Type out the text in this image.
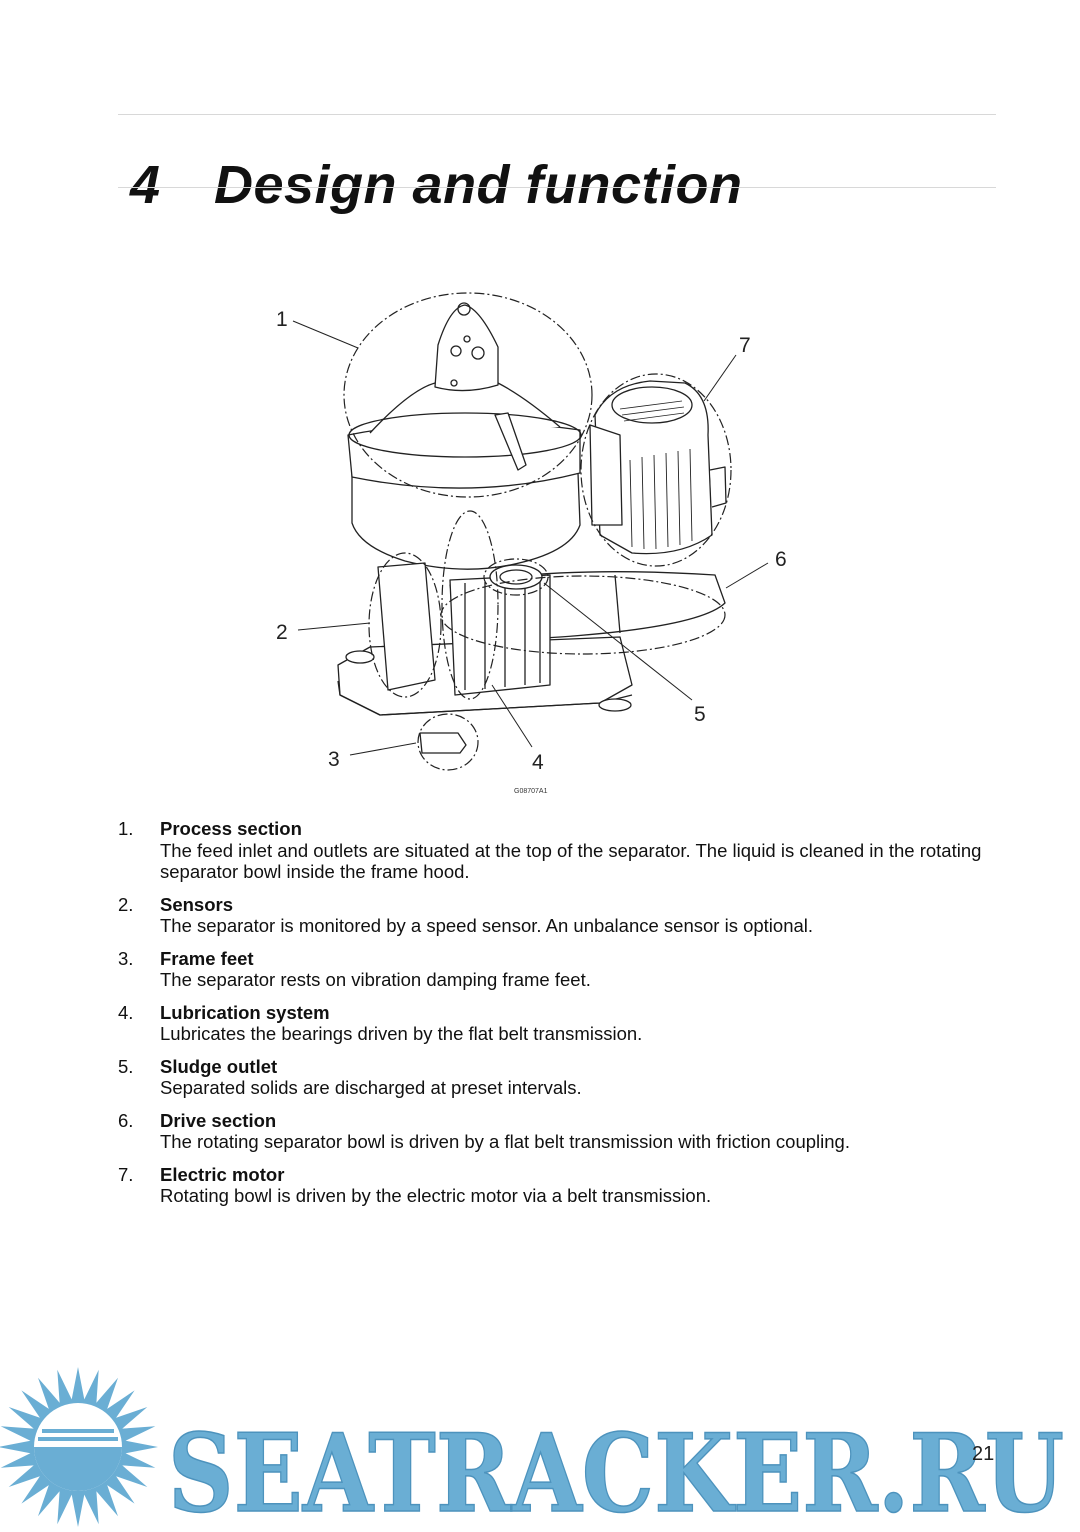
4 Design and function
1
2
3	4
5
6
7
G08707A1
1. Process section
The feed inlet and outlets are situated at the top of the separator. The liquid is cleaned in the rotating separator bowl inside the frame hood.
2. Sensors
The separator is monitored by a speed sensor. An unbalance sensor is optional.
3. Frame feet
The separator rests on vibration damping frame feet.
4. Lubrication system
Lubricates the bearings driven by the flat belt transmission.
5. Sludge outlet
Separated solids are discharged at preset intervals.
6. Drive section
The rotating separator bowl is driven by a flat belt transmission with friction coupling.
7. Electric motor
Rotating bowl is driven by the electric motor via a belt transmission.
SEATRACKER.RU
21
